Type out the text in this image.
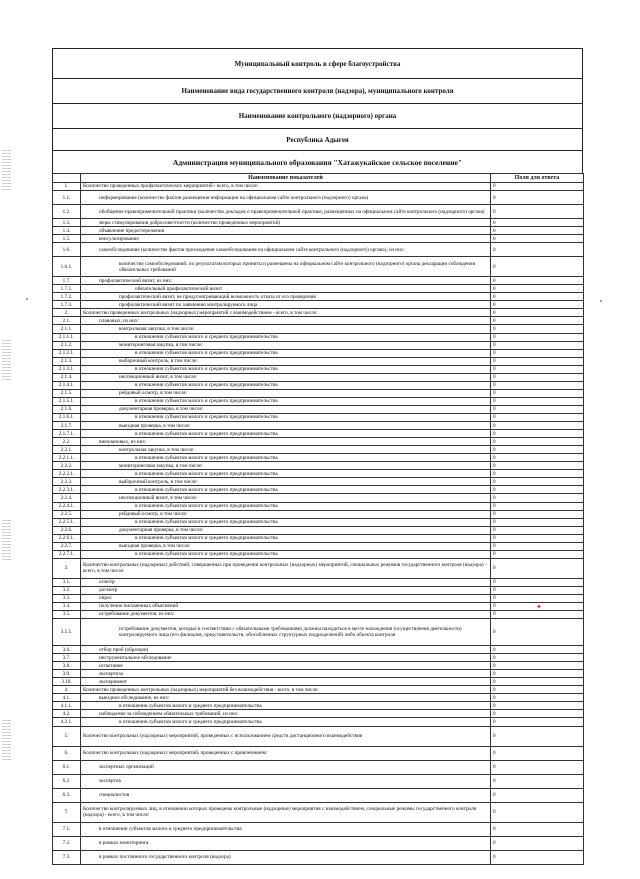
✦
Муниципальный контроль в сфере благоустройства
Наименование вида государственного контроля (надзора), муниципального контроля
Наименование контрольного (надзорного) органа
Республика Адыгея
Администрация муниципального образования "Хатажукайское сельское поселение"
	Наименование показателей	Поля для ответа
1.	Количество проведенных профилактических мероприятий - всего, в том числе:	0
1.1.	информирование (количество фактов размещения информации на официальном сайте контрольного (надзорного) органа)	0
1.2.	обобщение правоприменительной практики (количество докладов о правоприменительной практике, размещенных на официальном сайте контрольного (надзорного) органа)	0
1.3.	меры стимулирования добросовестности (количество проведенных мероприятий)	0
1.4.	объявление предостережения	0
1.5.	консультирование	0
1.6.	самообследование (количество фактов прохождения самообследования на официальном сайте контрольного (надзорного) органа), из них:	0
1.6.1.	количество самообследований, по результатам которых приняты и размещены на официальном сайте контрольного (надзорного) органа декларации соблюдения обязательных требований	0
1.7.	профилактический визит, из них:	0
1.7.1.	обязательный профилактический визит	0
1.7.2.	профилактический визит, не предусматривающий возможность отказа от его проведения	0
1.7.3.	профилактический визит по заявлению контролируемого лица	0
2.	Количество проведенных контрольных (надзорных) мероприятий с взаимодействием - всего, в том числе:	0
2.1.	плановых, из них:	0
2.1.1.	контрольная закупка, в том числе:	0
2.1.1.1.	в отношении субъектов малого и среднего предпринимательства	0
2.1.2.	мониторинговая закупка, в том числе:	0
2.1.2.1.	в отношении субъектов малого и среднего предпринимательства	0
2.1.3.	выборочный контроль, в том числе:	0
2.1.3.1.	в отношении субъектов малого и среднего предпринимательства	0
2.1.4.	инспекционный визит, в том числе:	0
2.1.4.1.	в отношении субъектов малого и среднего предпринимательства	0
2.1.5.	рейдовый осмотр, в том числе:	0
2.1.5.1.	в отношении субъектов малого и среднего предпринимательства	0
2.1.6.	документарная проверка, в том числе:	0
2.1.6.1.	в отношении субъектов малого и среднего предпринимательства	0
2.1.7.	выездная проверка, в том числе:	0
2.1.7.1.	в отношении субъектов малого и среднего предпринимательства	0
2.2.	внеплановых, из них:	0
2.2.1.	контрольная закупка, в том числе:	0
2.2.1.1.	в отношении субъектов малого и среднего предпринимательства	0
2.2.2.	мониторинговая закупка, в том числе:	0
2.2.2.1.	в отношении субъектов малого и среднего предпринимательства	0
2.2.3.	выборочный контроль, в том числе:	0
2.2.3.1.	в отношении субъектов малого и среднего предпринимательства	0
2.2.4.	инспекционный визит, в том числе:	0
2.2.4.1.	в отношении субъектов малого и среднего предпринимательства	0
2.2.5.	рейдовый осмотр, в том числе:	0
2.2.5.1.	в отношении субъектов малого и среднего предпринимательства	0
2.2.6.	документарная проверка, в том числе:	0
2.2.6.1.	в отношении субъектов малого и среднего предпринимательства	0
2.2.7.	выездная проверка, в том числе:	0
2.2.7.1.	в отношении субъектов малого и среднего предпринимательства	0
3.	Количество контрольных (надзорных) действий, совершенных при проведении контрольных (надзорных) мероприятий, специальных режимов государственного контроля (надзора) - всего, в том числе:	0
3.1.	осмотр	0
3.2.	досмотр	0
3.3.	опрос	0
3.4.	получение письменных объяснений	0
3.5.	истребование документов, из них:	0
3.5.1.	истребование документов, которые в соответствии с обязательными требованиями должны находиться в месте нахождения (осуществления деятельности) контролируемого лица (его филиалов, представительств, обособленных структурных подразделений) либо объекта контроля	0
3.6.	отбор проб (образцов)	0
3.7.	инструментальное обследование	0
3.8.	испытание	0
3.9.	экспертиза	0
3.10.	эксперимент	0
4.	Количество проведенных контрольных (надзорных) мероприятий без взаимодействия - всего, в том числе:	0
4.1.	выездное обследование, из них:	0
4.1.1.	в отношении субъектов малого и среднего предпринимательства	0
4.2.	наблюдение за соблюдением обязательных требований, из них:	0
4.2.1.	в отношении субъектов малого и среднего предпринимательства	0
5.	Количество контрольных (надзорных) мероприятий, проведенных с использованием средств дистанционного взаимодействия	0
6.	Количество контрольных (надзорных) мероприятий, проведенных с привлечением:	0
6.1.	экспертных организаций	0
6.2.	экспертов	0
6.3.	специалистов	0
7.	Количество контролируемых лиц, в отношении которых проведены контрольные (надзорные) мероприятия с взаимодействием, специальные режимы государственного контроля (надзора) - всего, в том числе:	0
7.1.	в отношении субъектов малого и среднего предпринимательства	0
7.2.	в рамках мониторинга	0
7.3.	в рамках постоянного государственного контроля (надзора)	0
